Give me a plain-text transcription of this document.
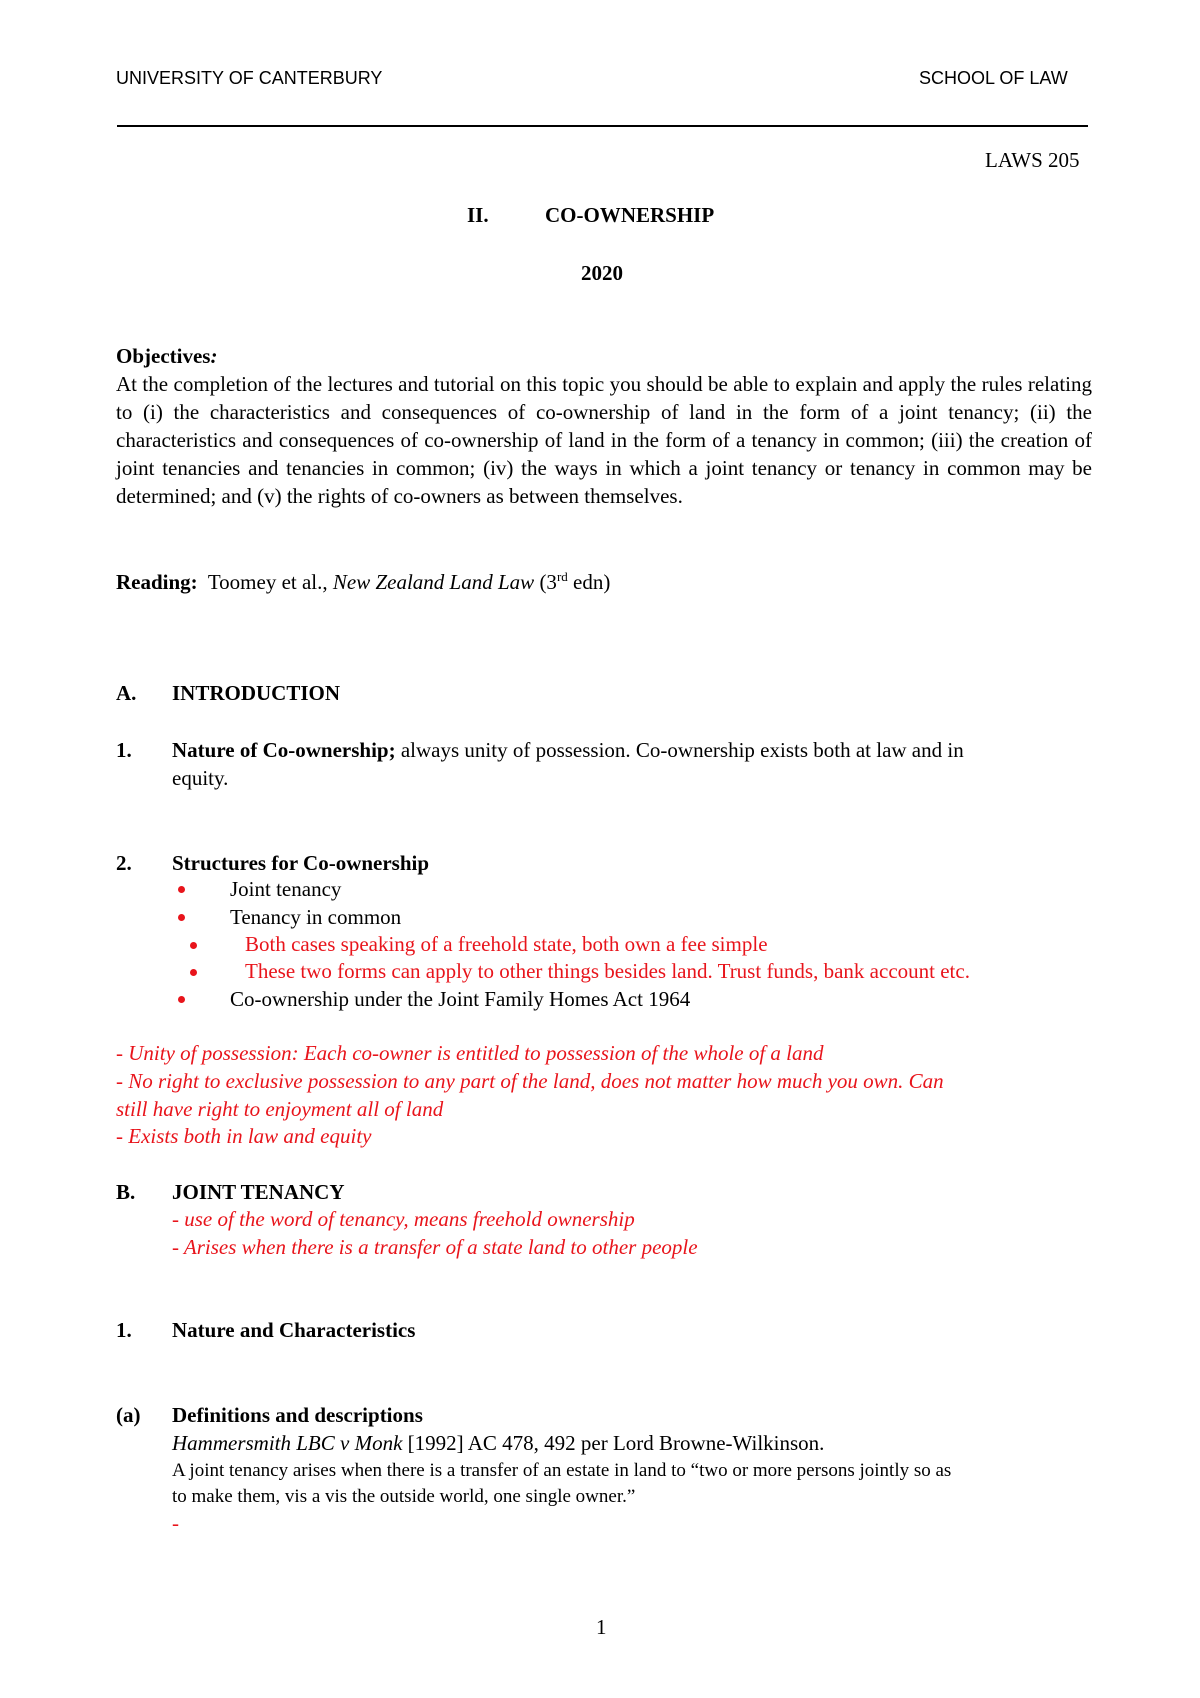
UNIVERSITY OF CANTERBURY	SCHOOL OF LAW
LAWS 205
II.	CO-OWNERSHIP
2020
Objectives:

At the completion of the lectures and tutorial on this topic you should be able to explain and apply the rules relating to (i) the characteristics and consequences of co-ownership of land in the form of a joint tenancy; (ii) the characteristics and consequences of co-ownership of land in the form of a tenancy in common; (iii) the creation of joint tenancies and tenancies in common; (iv) the ways in which a joint tenancy or tenancy in common may be determined; and (v) the rights of co-owners as between themselves.

Reading: Toomey et al., New Zealand Land Law (3rd edn)
A. INTRODUCTION
1. Nature of Co-ownership; always unity of possession. Co-ownership exists both at law and in
equity.
2. Structures for Co-ownership
Joint tenancy
Tenancy in common
Both cases speaking of a freehold state, both own a fee simple
These two forms can apply to other things besides land. Trust funds, bank account etc.
Co-ownership under the Joint Family Homes Act 1964
- Unity of possession: Each co-owner is entitled to possession of the whole of a land
- No right to exclusive possession to any part of the land, does not matter how much you own. Can
still have right to enjoyment all of land
- Exists both in law and equity
B. JOINT TENANCY
- use of the word of tenancy, means freehold ownership
- Arises when there is a transfer of a state land to other people
1. Nature and Characteristics
(a) Definitions and descriptions
Hammersmith LBC v Monk [1992] AC 478, 492 per Lord Browne-Wilkinson.
A joint tenancy arises when there is a transfer of an estate in land to “two or more persons jointly so as
to make them, vis a vis the outside world, one single owner.”
-
1
